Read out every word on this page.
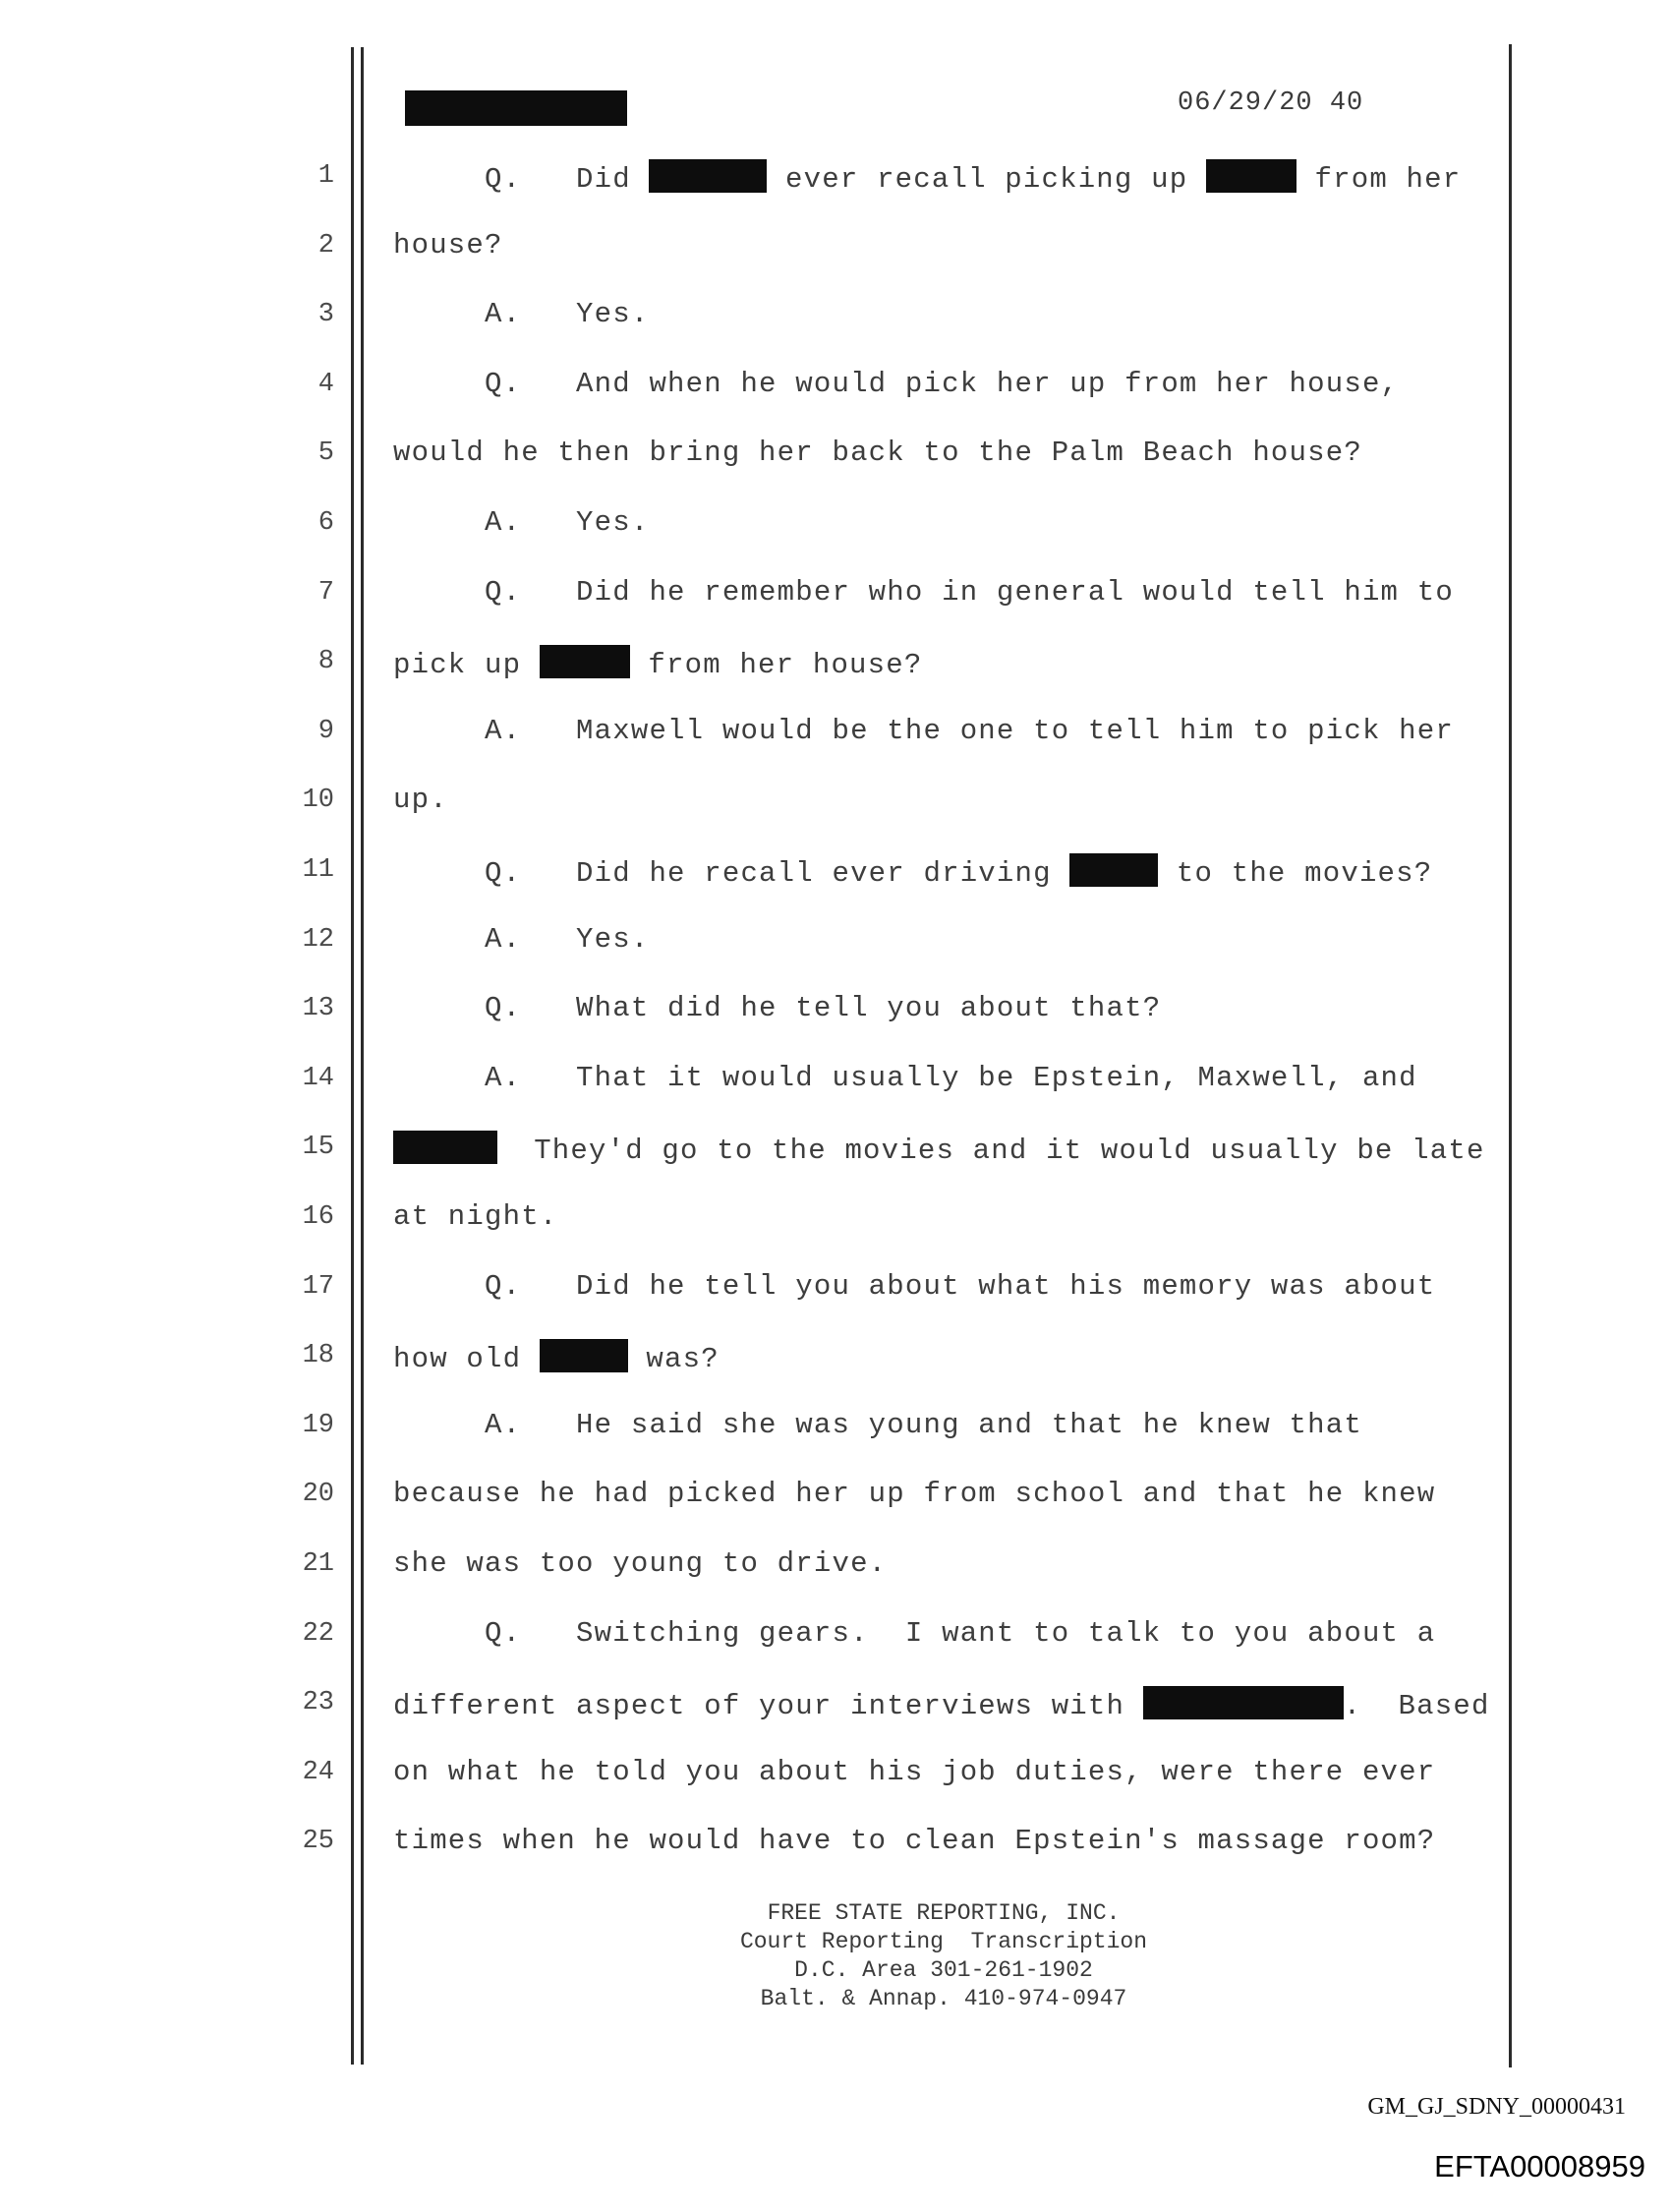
06/29/20 40
1 Q.   Did	ever recall picking up	from her
2 house?
3 A.   Yes.
4 Q.   And when he would pick her up from her house,
5 would he then bring her back to the Palm Beach house?
6 A.   Yes.
7 Q.   Did he remember who in general would tell him to
8 pick up	from her house?
9 A.   Maxwell would be the one to tell him to pick her
10 up.
11 Q.   Did he recall ever driving	to the movies?
12 A.   Yes.
13 Q.   What did he tell you about that?
14 A.   That it would usually be Epstein, Maxwell, and
15	They'd go to the movies and it would usually be late
16 at night.
17 Q.   Did he tell you about what his memory was about
18 how old	was?
19 A.   He said she was young and that he knew that
20 because he had picked her up from school and that he knew
21 she was too young to drive.
22 Q.   Switching gears.  I want to talk to you about a
23 different aspect of your interviews with	.  Based
24 on what he told you about his job duties, were there ever
25 times when he would have to clean Epstein's massage room?
FREE STATE REPORTING, INC.
Court Reporting  Transcription
D.C. Area 301-261-1902
Balt. & Annap. 410-974-0947
GM_GJ_SDNY_00000431
EFTA00008959
